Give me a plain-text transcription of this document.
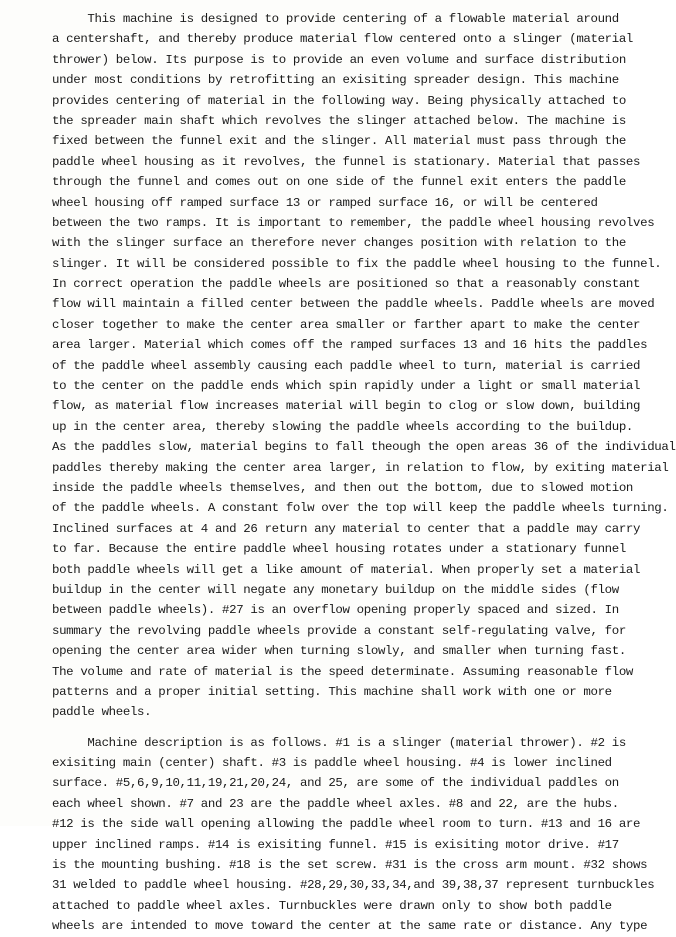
This machine is designed to provide centering of a flowable material around
a centershaft, and thereby produce material flow centered onto a slinger (material
thrower) below. Its purpose is to provide an even volume and surface distribution
under most conditions by retrofitting an exisiting spreader design. This machine
provides centering of material in the following way. Being physically attached to
the spreader main shaft which revolves the slinger attached below. The machine is
fixed between the funnel exit and the slinger. All material must pass through the
paddle wheel housing as it revolves, the funnel is stationary. Material that passes
through the funnel and comes out on one side of the funnel exit enters the paddle
wheel housing off ramped surface 13 or ramped surface 16, or will be centered
between the two ramps. It is important to remember, the paddle wheel housing revolves
with the slinger surface an therefore never changes position with relation to the
slinger. It will be considered possible to fix the paddle wheel housing to the funnel.
In correct operation the paddle wheels are positioned so that a reasonably constant
flow will maintain a filled center between the paddle wheels. Paddle wheels are moved
closer together to make the center area smaller or farther apart to make the center
area larger. Material which comes off the ramped surfaces 13 and 16 hits the paddles
of the paddle wheel assembly causing each paddle wheel to turn, material is carried
to the center on the paddle ends which spin rapidly under a light or small material
flow, as material flow increases material will begin to clog or slow down, building
up in the center area, thereby slowing the paddle wheels according to the buildup.
As the paddles slow, material begins to fall theough the open areas 36 of the individual
paddles thereby making the center area larger, in relation to flow, by exiting material
inside the paddle wheels themselves, and then out the bottom, due to slowed motion
of the paddle wheels. A constant folw over the top will keep the paddle wheels turning.
Inclined surfaces at 4 and 26 return any material to center that a paddle may carry
to far. Because the entire paddle wheel housing rotates under a stationary funnel
both paddle wheels will get a like amount of material. When properly set a material
buildup in the center will negate any monetary buildup on the middle sides (flow
between paddle wheels). #27 is an overflow opening properly spaced and sized. In
summary the revolving paddle wheels provide a constant self-regulating valve, for
opening the center area wider when turning slowly, and smaller when turning fast.
The volume and rate of material is the speed determinate. Assuming reasonable flow
patterns and a proper initial setting. This machine shall work with one or more
paddle wheels.
Machine description is as follows. #1 is a slinger (material thrower). #2 is
exisiting main (center) shaft. #3 is paddle wheel housing. #4 is lower inclined
surface. #5,6,9,10,11,19,21,20,24, and 25, are some of the individual paddles on
each wheel shown. #7 and 23 are the paddle wheel axles. #8 and 22, are the hubs.
#12 is the side wall opening allowing the paddle wheel room to turn. #13 and 16 are
upper inclined ramps. #14 is exisiting funnel. #15 is exisiting motor drive. #17
is the mounting bushing. #18 is the set screw. #31 is the cross arm mount. #32 shows
31 welded to paddle wheel housing. #28,29,30,33,34,and 39,38,37 represent turnbuckles
attached to paddle wheel axles. Turnbuckles were drawn only to show both paddle
wheels are intended to move toward the center at the same rate or distance. Any type
